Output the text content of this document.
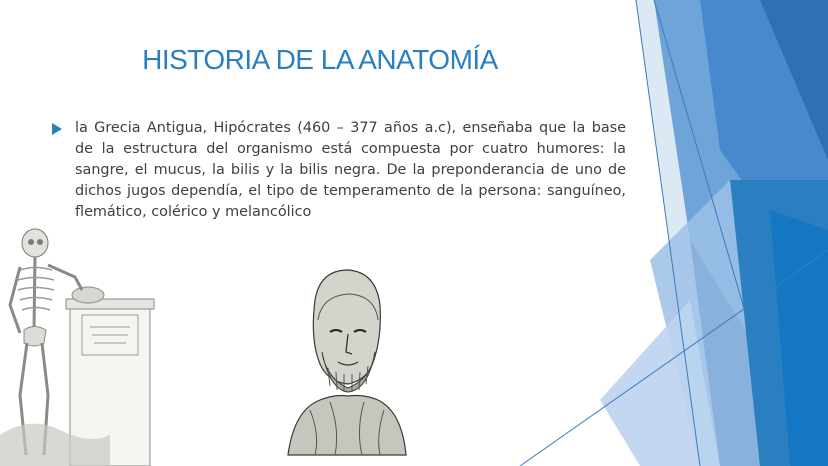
HISTORIA DE LA ANATOMÍA
la Grecia Antigua, Hipócrates (460 – 377 años a.c), enseñaba que la base de la estructura del organismo está compuesta por cuatro humores: la sangre, el mucus, la bilis y la bilis negra. De la preponderancia de uno de dichos jugos dependía, el tipo de temperamento de la persona: sanguíneo, flemático, colérico y melancólico
